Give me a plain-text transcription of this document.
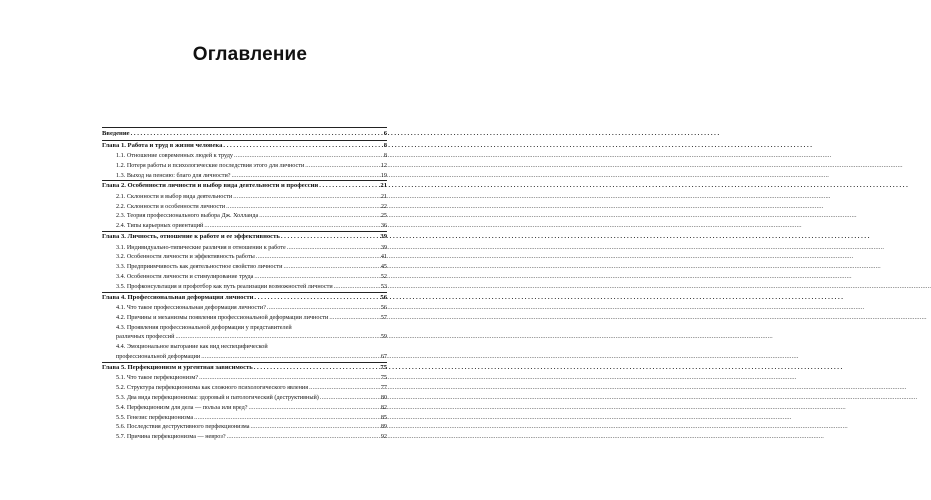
Оглавление
Введение . . .	6
Глава 1. Работа и труд в жизни человека . . .	8
1.1. Отношение современных людей к труду .....	8
1.2. Потеря работы и психологические последствия этого для личности .....	12
1.3. Выход на пенсию: благо для личности? .....	19
Глава 2. Особенности личности и выбор вида деятельности и профессии . . .	21
2.1. Склонности и выбор вида деятельности .....	21
2.2. Склонности и особенности личности .....	22
2.3. Теория профессионального выбора Дж. Холланда .....	25
2.4. Типы карьерных ориентаций .....	36
Глава 3. Личность, отношение к работе и ее эффективность . . .	39
3.1. Индивидуально-типические различия в отношении к работе .....	39
3.2. Особенности личности и эффективность работы .....	41
3.3. Предприимчивость как деятельностное свойство личности .....	45
3.4. Особенности личности и стимулирование труда .....	52
3.5. Профконсультация и профотбор как путь реализации возможностей личности .....	53
Глава 4. Профессиональная деформация личности . . .	56
4.1. Что такое профессиональная деформация личности? .....	56
4.2. Причины и механизмы появления профессиональной деформации личности .....	57
4.3. Проявления профессиональной деформации у представителей
различных профессий .....	59
4.4. Эмоциональное выгорание как вид неспецифической
профессиональной деформации .....	67
Глава 5. Перфекционизм и ургентная зависимость . . .	75
5.1. Что такое перфекционизм? .....	75
5.2. Структура перфекционизма как сложного психологического явления .....	77
5.3. Два вида перфекционизма: здоровый и патологический (деструктивный) .....	80
5.4. Перфекционизм для дела — польза или вред? .....	82
5.5. Генезис перфекционизма .....	85
5.6. Последствия деструктивного перфекционизма .....	89
5.7. Причина перфекционизма — невроз? .....	92
